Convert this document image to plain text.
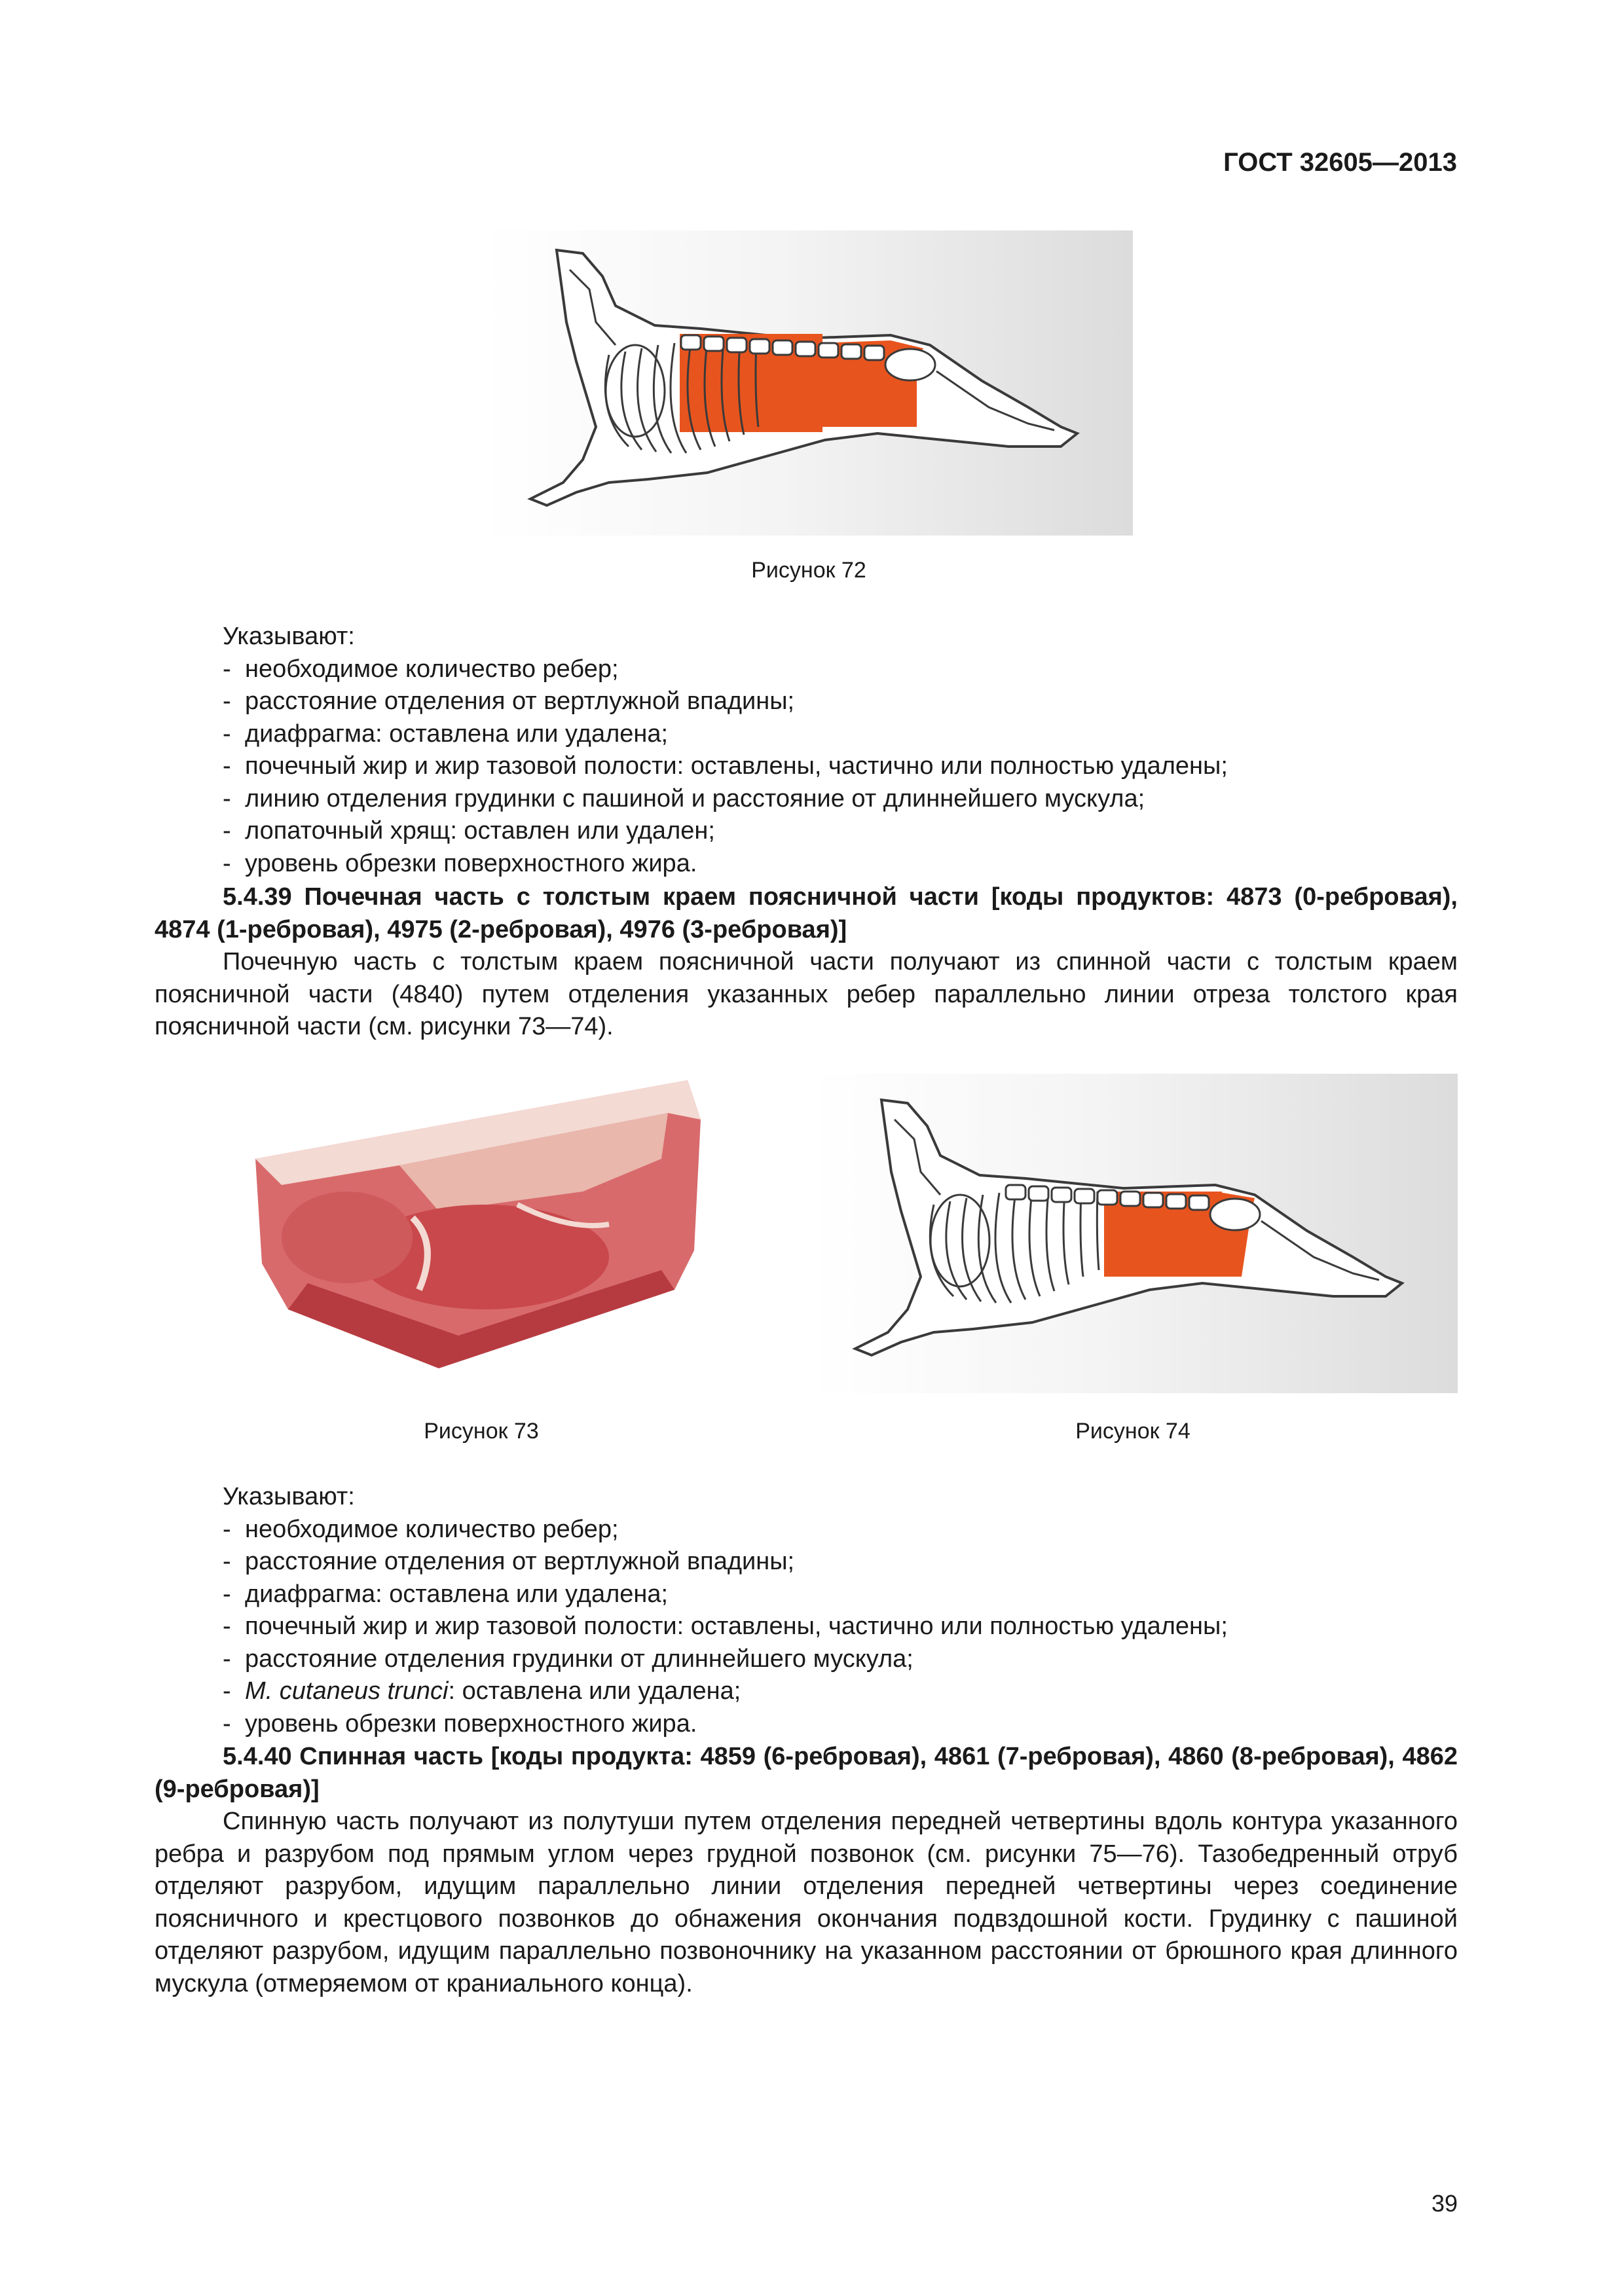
ГОСТ 32605—2013
Рисунок 72
Указывают:
- необходимое количество ребер;
- расстояние отделения от вертлужной впадины;
- диафрагма: оставлена или удалена;
- почечный жир и жир тазовой полости: оставлены, частично или полностью удалены;
- линию отделения грудинки с пашиной и расстояние от длиннейшего мускула;
- лопаточный хрящ: оставлен или удален;
- уровень обрезки поверхностного жира.
5.4.39 Почечная часть с толстым краем поясничной части [коды продуктов: 4873 (0-ребровая), 4874 (1-ребровая), 4975 (2-ребровая), 4976 (3-ребровая)]
Почечную часть с толстым краем поясничной части получают из спинной части с толстым краем поясничной части (4840) путем отделения указанных ребер параллельно линии отреза толстого края поясничной части (см. рисунки 73—74).
Рисунок 73	Рисунок 74
Указывают:
- необходимое количество ребер;
- расстояние отделения от вертлужной впадины;
- диафрагма: оставлена или удалена;
- почечный жир и жир тазовой полости: оставлены, частично или полностью удалены;
- расстояние отделения грудинки от длиннейшего мускула;
- M. cutaneus trunci: оставлена или удалена;
- уровень обрезки поверхностного жира.
5.4.40 Спинная часть [коды продукта: 4859 (6-ребровая), 4861 (7-ребровая), 4860 (8-ребровая), 4862 (9-ребровая)]
Спинную часть получают из полутуши путем отделения передней четвертины вдоль контура указанного ребра и разрубом под прямым углом через грудной позвонок (см. рисунки 75—76). Тазобедренный отруб отделяют разрубом, идущим параллельно линии отделения передней четвертины через соединение поясничного и крестцового позвонков до обнажения окончания подвздошной кости. Грудинку с пашиной отделяют разрубом, идущим параллельно позвоночнику на указанном расстоянии от брюшного края длинного мускула (отмеряемом от краниального конца).
39
